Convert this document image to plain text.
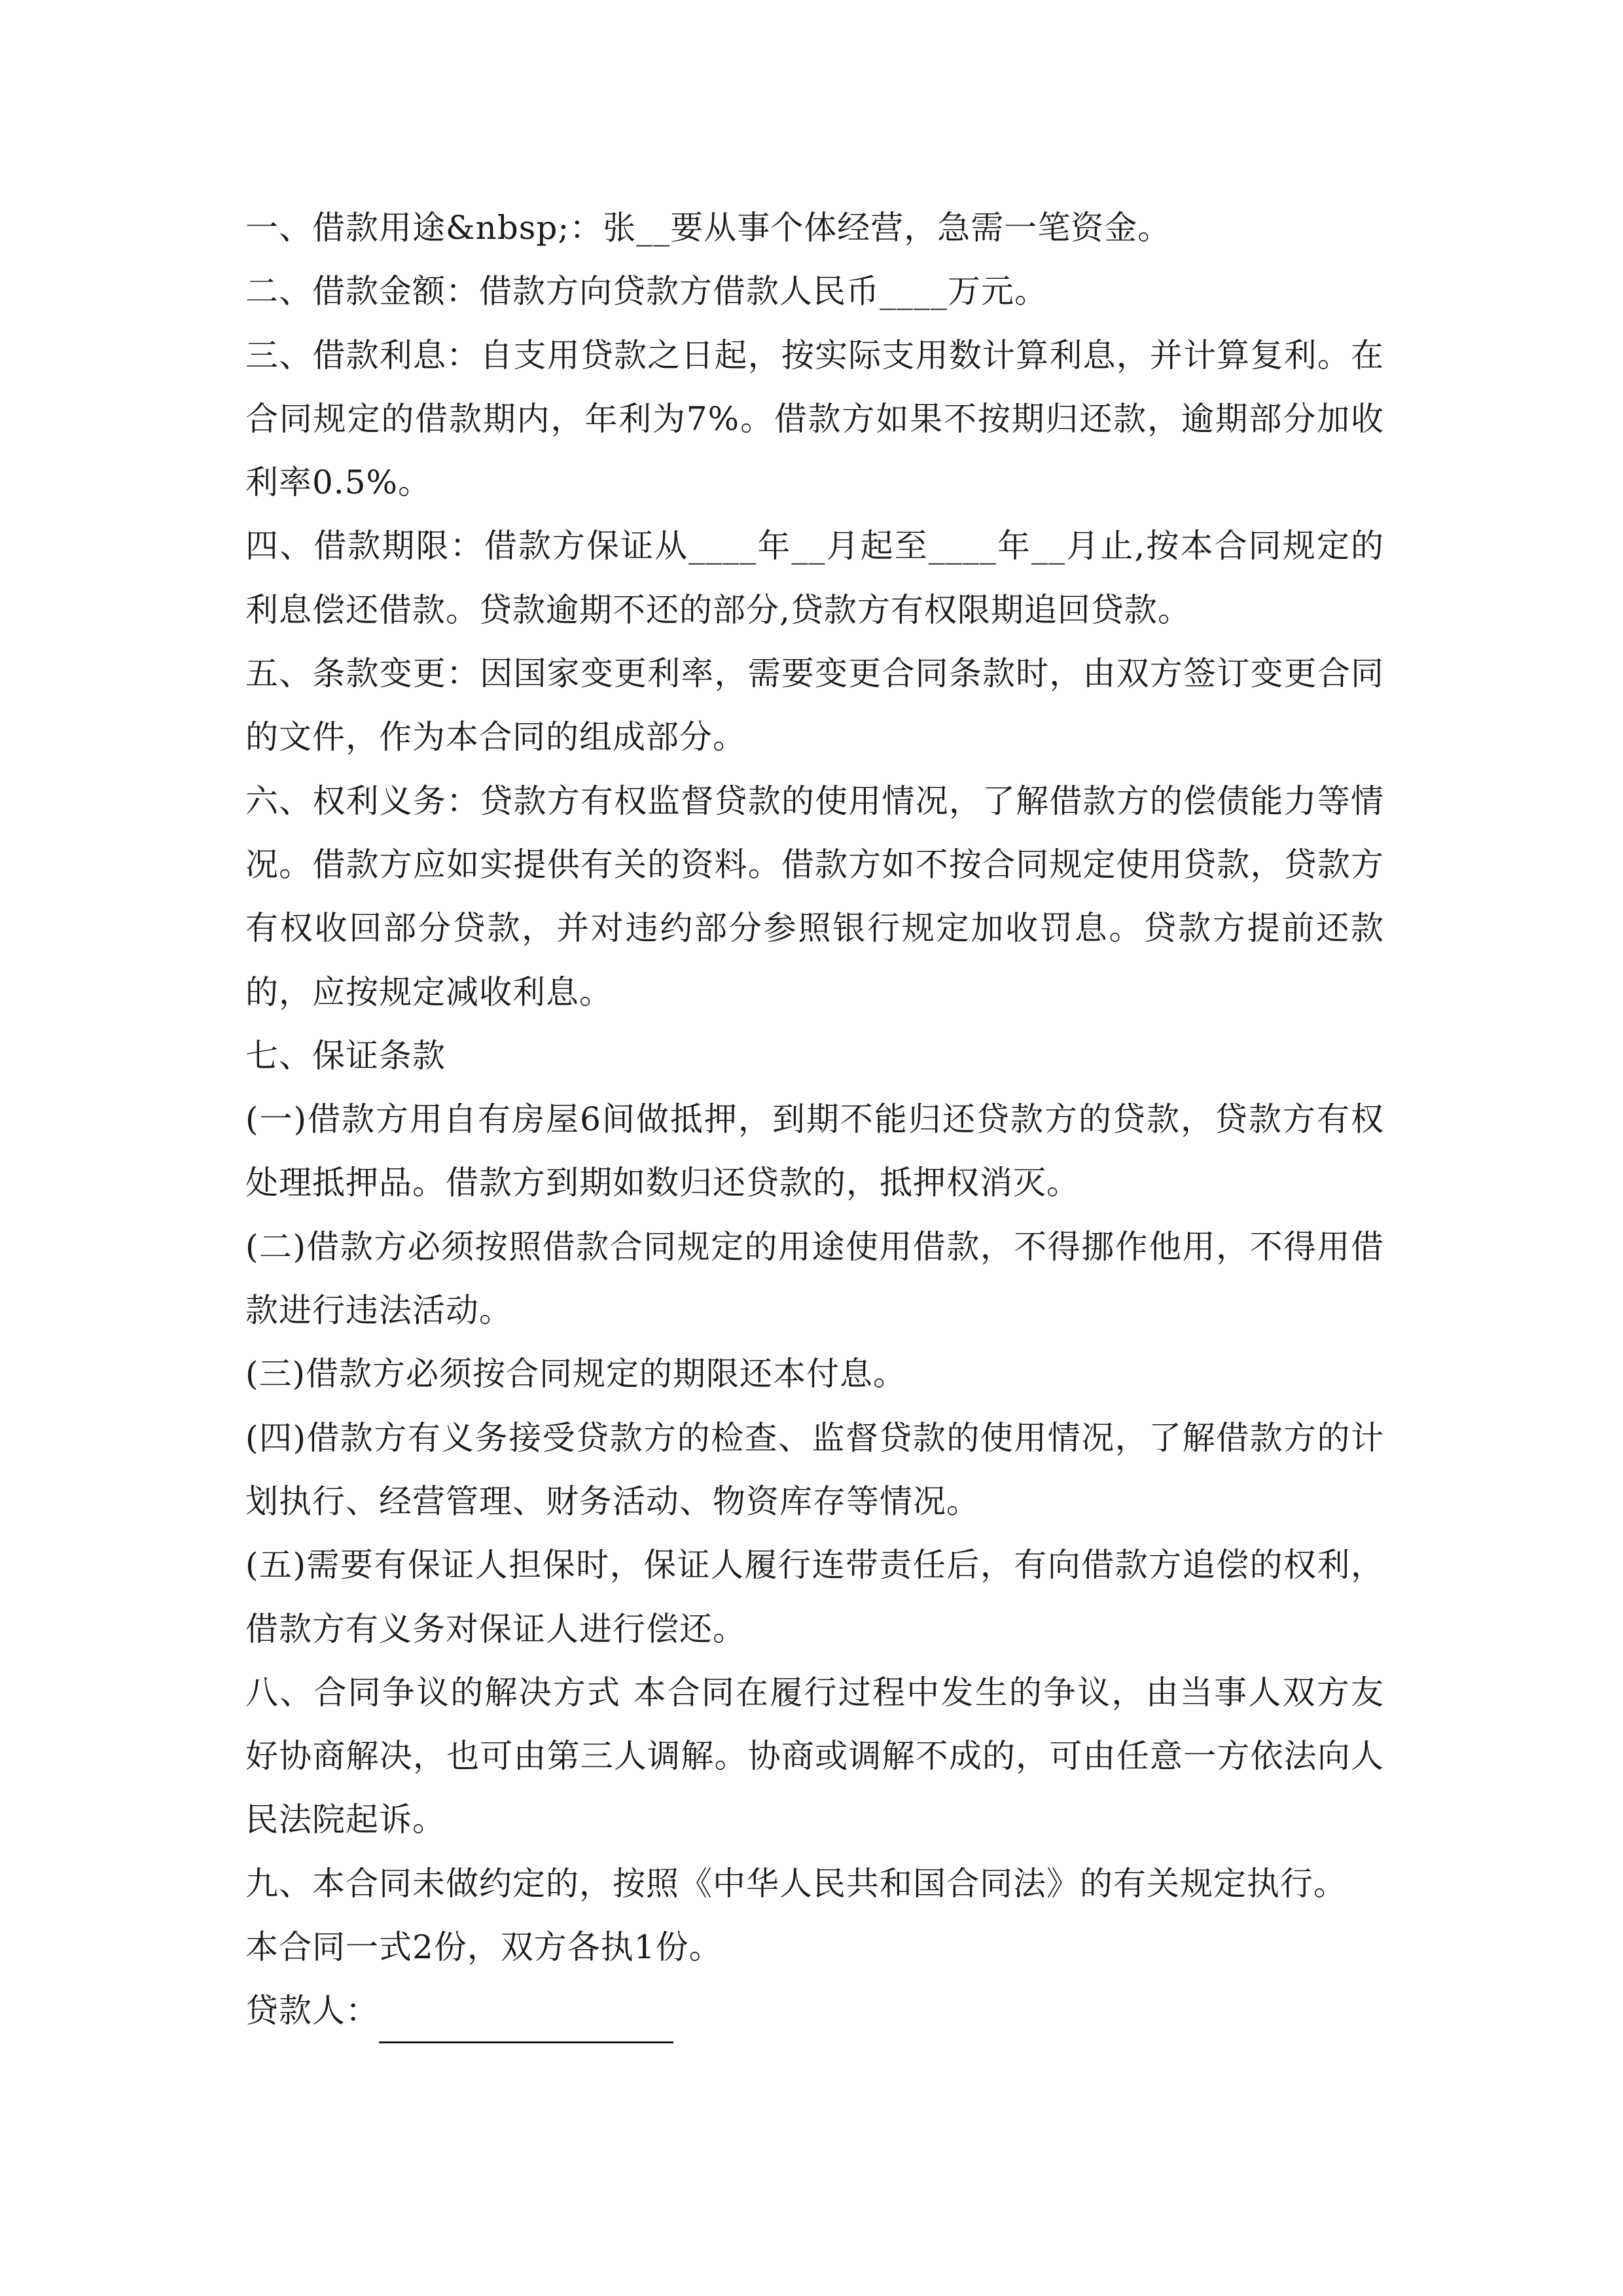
一、借款用途&nbsp;：张__要从事个体经营，急需一笔资金。

二、借款金额：借款方向贷款方借款人民币____万元。

三、借款利息：自支用贷款之日起，按实际支用数计算利息，并计算复利。在合同规定的借款期内，年利为7%。借款方如果不按期归还款，逾期部分加收利率0.5%。

四、借款期限：借款方保证从____年__月起至____年__月止,按本合同规定的利息偿还借款。贷款逾期不还的部分,贷款方有权限期追回贷款。

五、条款变更：因国家变更利率，需要变更合同条款时，由双方签订变更合同的文件，作为本合同的组成部分。

六、权利义务：贷款方有权监督贷款的使用情况，了解借款方的偿债能力等情况。借款方应如实提供有关的资料。借款方如不按合同规定使用贷款，贷款方有权收回部分贷款，并对违约部分参照银行规定加收罚息。贷款方提前还款的，应按规定减收利息。

七、保证条款

(一)借款方用自有房屋6间做抵押，到期不能归还贷款方的贷款，贷款方有权处理抵押品。借款方到期如数归还贷款的，抵押权消灭。

(二)借款方必须按照借款合同规定的用途使用借款，不得挪作他用，不得用借款进行违法活动。

(三)借款方必须按合同规定的期限还本付息。

(四)借款方有义务接受贷款方的检查、监督贷款的使用情况，了解借款方的计划执行、经营管理、财务活动、物资库存等情况。

(五)需要有保证人担保时，保证人履行连带责任后，有向借款方追偿的权利，借款方有义务对保证人进行偿还。

八、合同争议的解决方式 本合同在履行过程中发生的争议，由当事人双方友好协商解决，也可由第三人调解。协商或调解不成的，可由任意一方依法向人民法院起诉。

九、本合同未做约定的，按照《中华人民共和国合同法》的有关规定执行。

本合同一式2份，双方各执1份。

贷款人：
